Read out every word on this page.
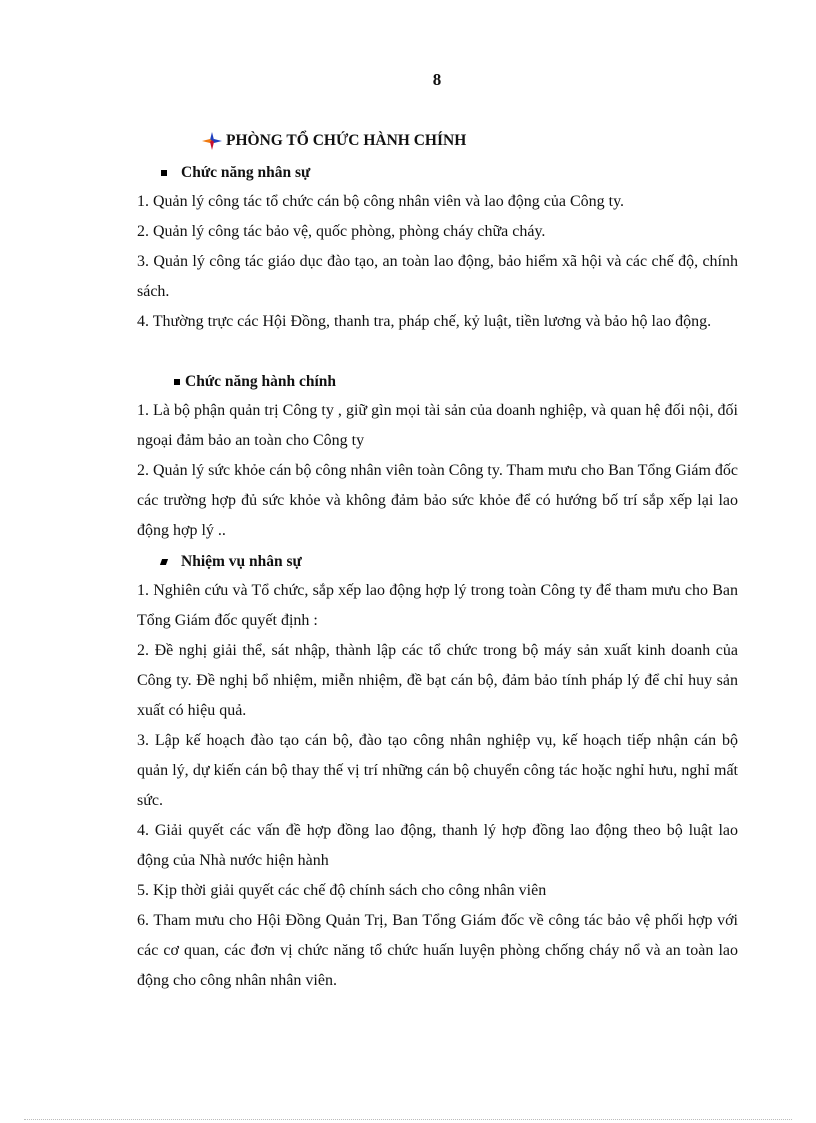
8
PHÒNG TỔ CHỨC HÀNH CHÍNH
Chức năng nhân sự

1. Quản lý công tác tổ chức cán bộ công nhân viên và lao động của Công ty.

2. Quản lý công tác bảo vệ, quốc phòng, phòng cháy chữa cháy.

3. Quản lý công tác giáo dục đào tạo, an toàn lao động, bảo hiểm xã hội và các chế độ, chính sách.

4. Thường trực các Hội Đồng, thanh tra, pháp chế, kỷ luật, tiền lương và bảo hộ lao động.

Chức năng hành chính

1. Là bộ phận quản trị Công ty , giữ gìn mọi tài sản của doanh nghiệp, và quan hệ đối nội, đối ngoại đảm bảo an toàn cho Công ty

2. Quản lý sức khỏe cán bộ công nhân viên toàn Công ty. Tham mưu cho Ban Tổng Giám đốc các trường hợp đủ sức khỏe và không đảm bảo sức khỏe để có hướng bố trí sắp xếp lại lao động hợp lý ..

Nhiệm vụ nhân sự

1. Nghiên cứu và Tổ chức, sắp xếp lao động hợp lý trong toàn Công ty để tham mưu cho Ban Tổng Giám đốc quyết định :

2. Đề nghị giải thể, sát nhập, thành lập các tổ chức trong bộ máy sản xuất kinh doanh của Công ty. Đề nghị bổ nhiệm, miễn nhiệm, đề bạt cán bộ, đảm bảo tính pháp lý để chỉ huy sản xuất có hiệu quả.

3. Lập kế hoạch đào tạo cán bộ, đào tạo công nhân nghiệp vụ, kế hoạch tiếp nhận cán bộ quản lý, dự kiến cán bộ thay thế vị trí những cán bộ chuyển công tác hoặc nghỉ hưu, nghỉ mất sức.

4. Giải quyết các vấn đề hợp đồng lao động, thanh lý hợp đồng lao động theo bộ luật lao động của Nhà nước hiện hành

5. Kịp thời giải quyết các chế độ chính sách cho công nhân viên

6. Tham mưu cho Hội Đồng Quản Trị, Ban Tổng Giám đốc về công tác bảo vệ phối hợp với các cơ quan, các đơn vị chức năng tổ chức huấn luyện phòng chống cháy nổ và an toàn lao động cho công nhân nhân viên.
